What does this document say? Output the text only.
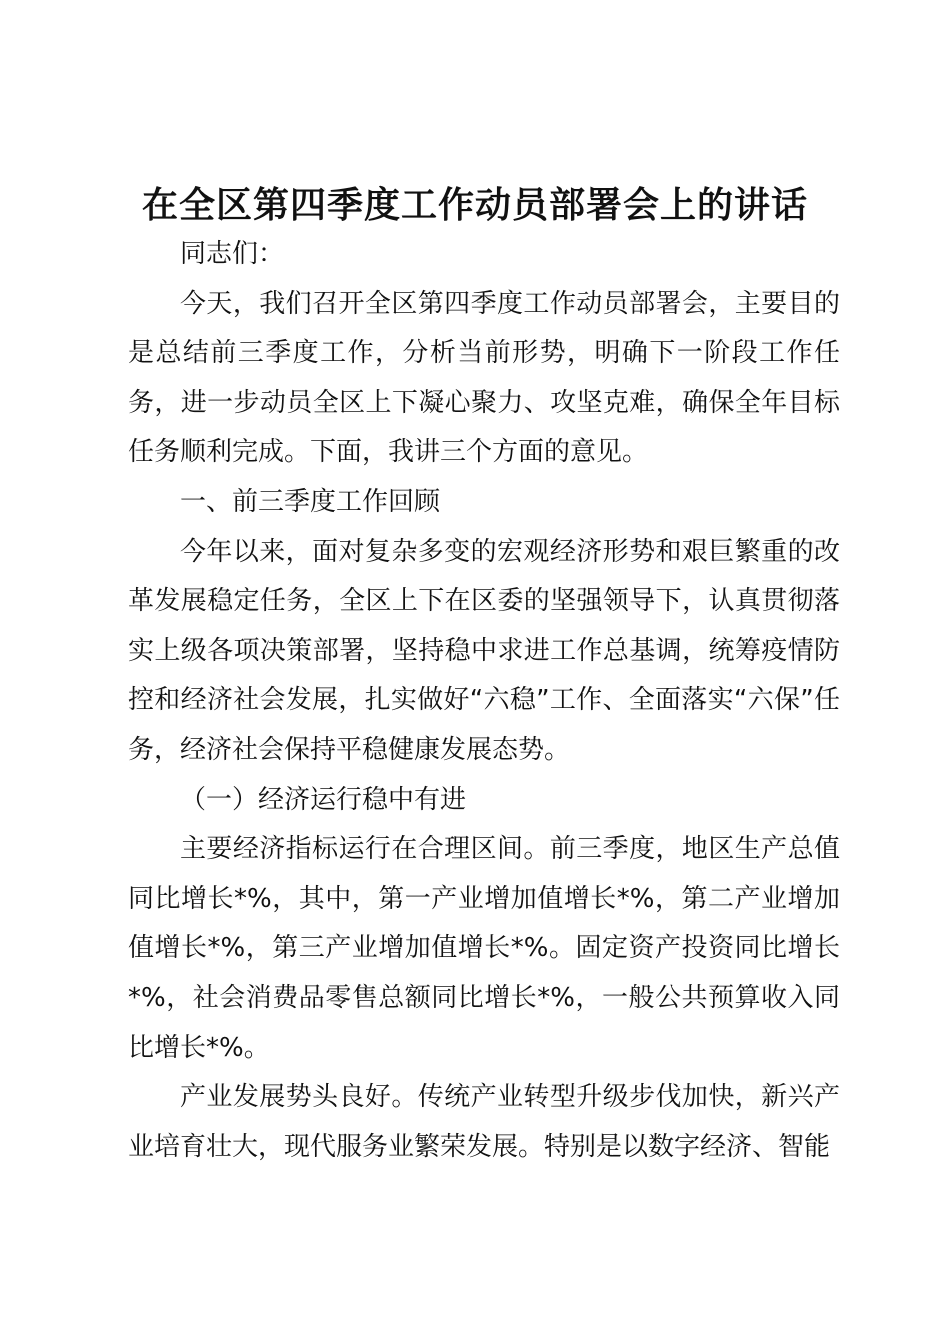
在全区第四季度工作动员部署会上的讲话

同志们：

今天，我们召开全区第四季度工作动员部署会，主要目的是总结前三季度工作，分析当前形势，明确下一阶段工作任务，进一步动员全区上下凝心聚力、攻坚克难，确保全年目标任务顺利完成。下面，我讲三个方面的意见。

一、前三季度工作回顾

今年以来，面对复杂多变的宏观经济形势和艰巨繁重的改革发展稳定任务，全区上下在区委的坚强领导下，认真贯彻落实上级各项决策部署，坚持稳中求进工作总基调，统筹疫情防控和经济社会发展，扎实做好“六稳”工作、全面落实“六保”任务，经济社会保持平稳健康发展态势。

（一）经济运行稳中有进

主要经济指标运行在合理区间。前三季度，地区生产总值同比增长*%，其中，第一产业增加值增长*%，第二产业增加值增长*%，第三产业增加值增长*%。固定资产投资同比增长*%，社会消费品零售总额同比增长*%，一般公共预算收入同比增长*%。

产业发展势头良好。传统产业转型升级步伐加快，新兴产业培育壮大，现代服务业繁荣发展。特别是以数字经济、智能
